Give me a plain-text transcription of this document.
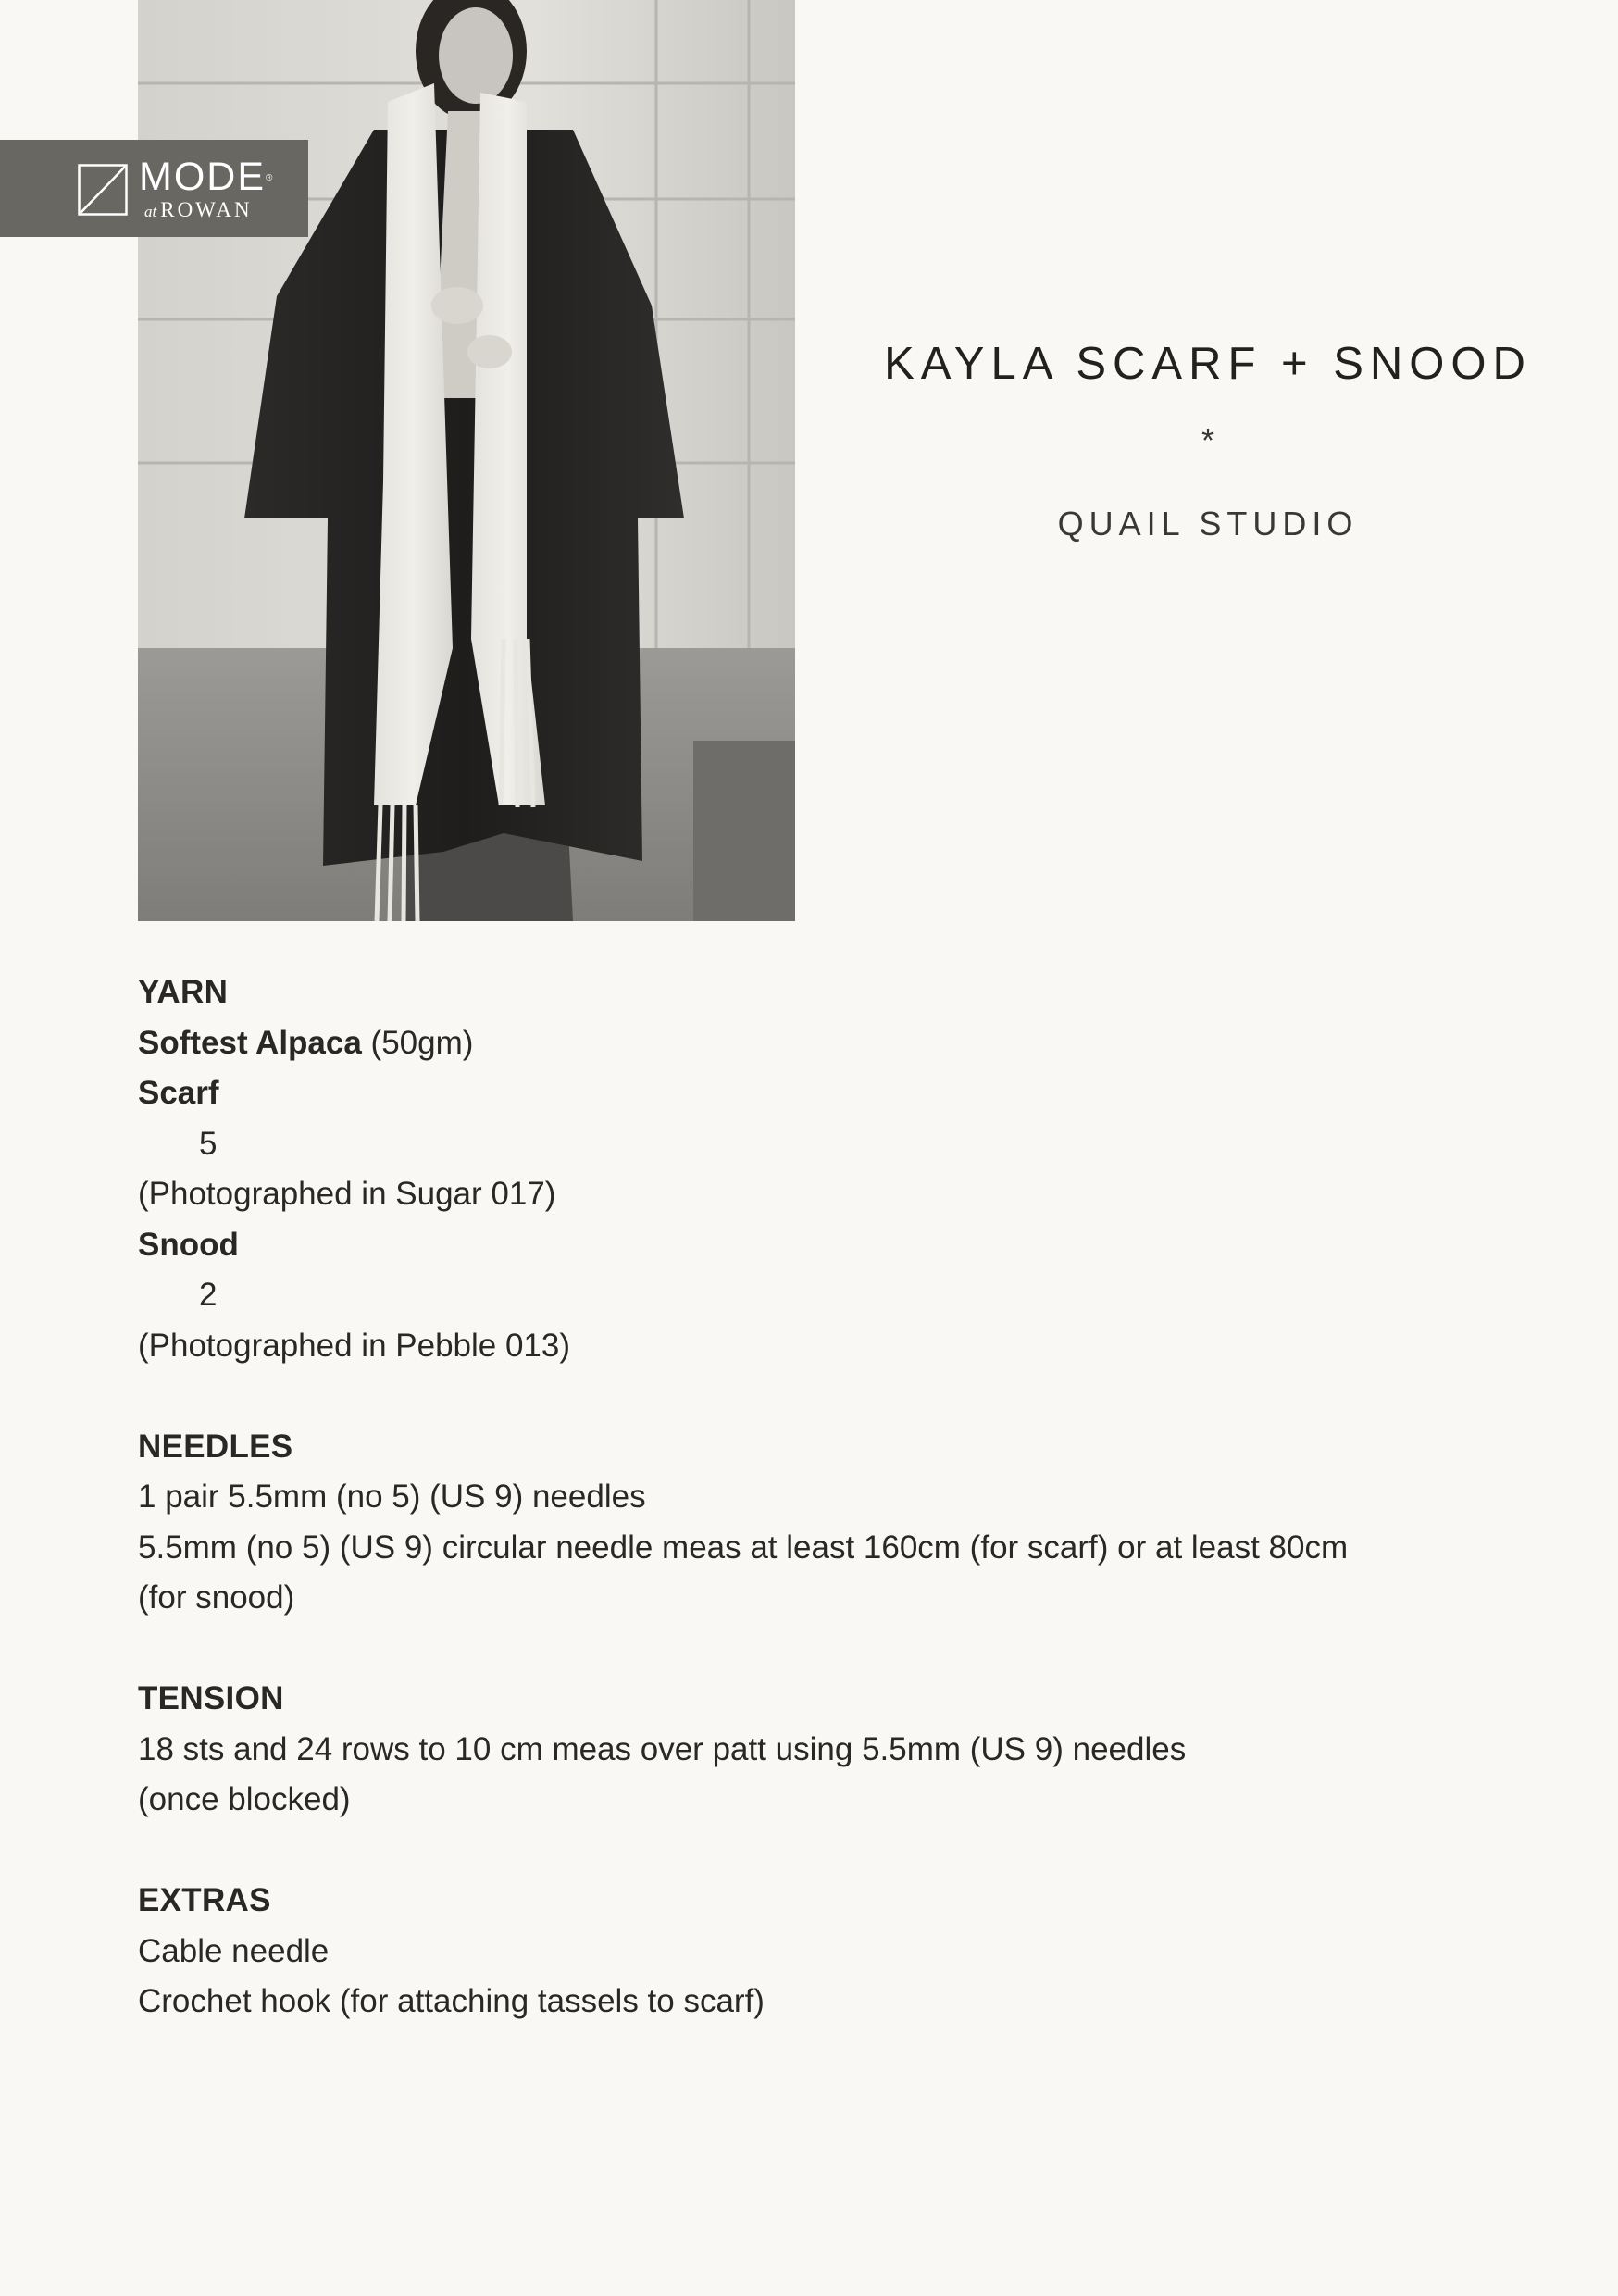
MODE®
at ROWAN
KAYLA SCARF + SNOOD
*
QUAIL STUDIO
YARN
Softest Alpaca (50gm)
Scarf
5
(Photographed in Sugar 017)
Snood
2
(Photographed in Pebble 013)
NEEDLES
1 pair 5.5mm (no 5) (US 9) needles
5.5mm (no 5) (US 9) circular needle meas at least 160cm (for scarf) or at least 80cm
(for snood)
TENSION
18 sts and 24 rows to 10 cm meas over patt using 5.5mm (US 9) needles
(once blocked)
EXTRAS
Cable needle
Crochet hook (for attaching tassels to scarf)
